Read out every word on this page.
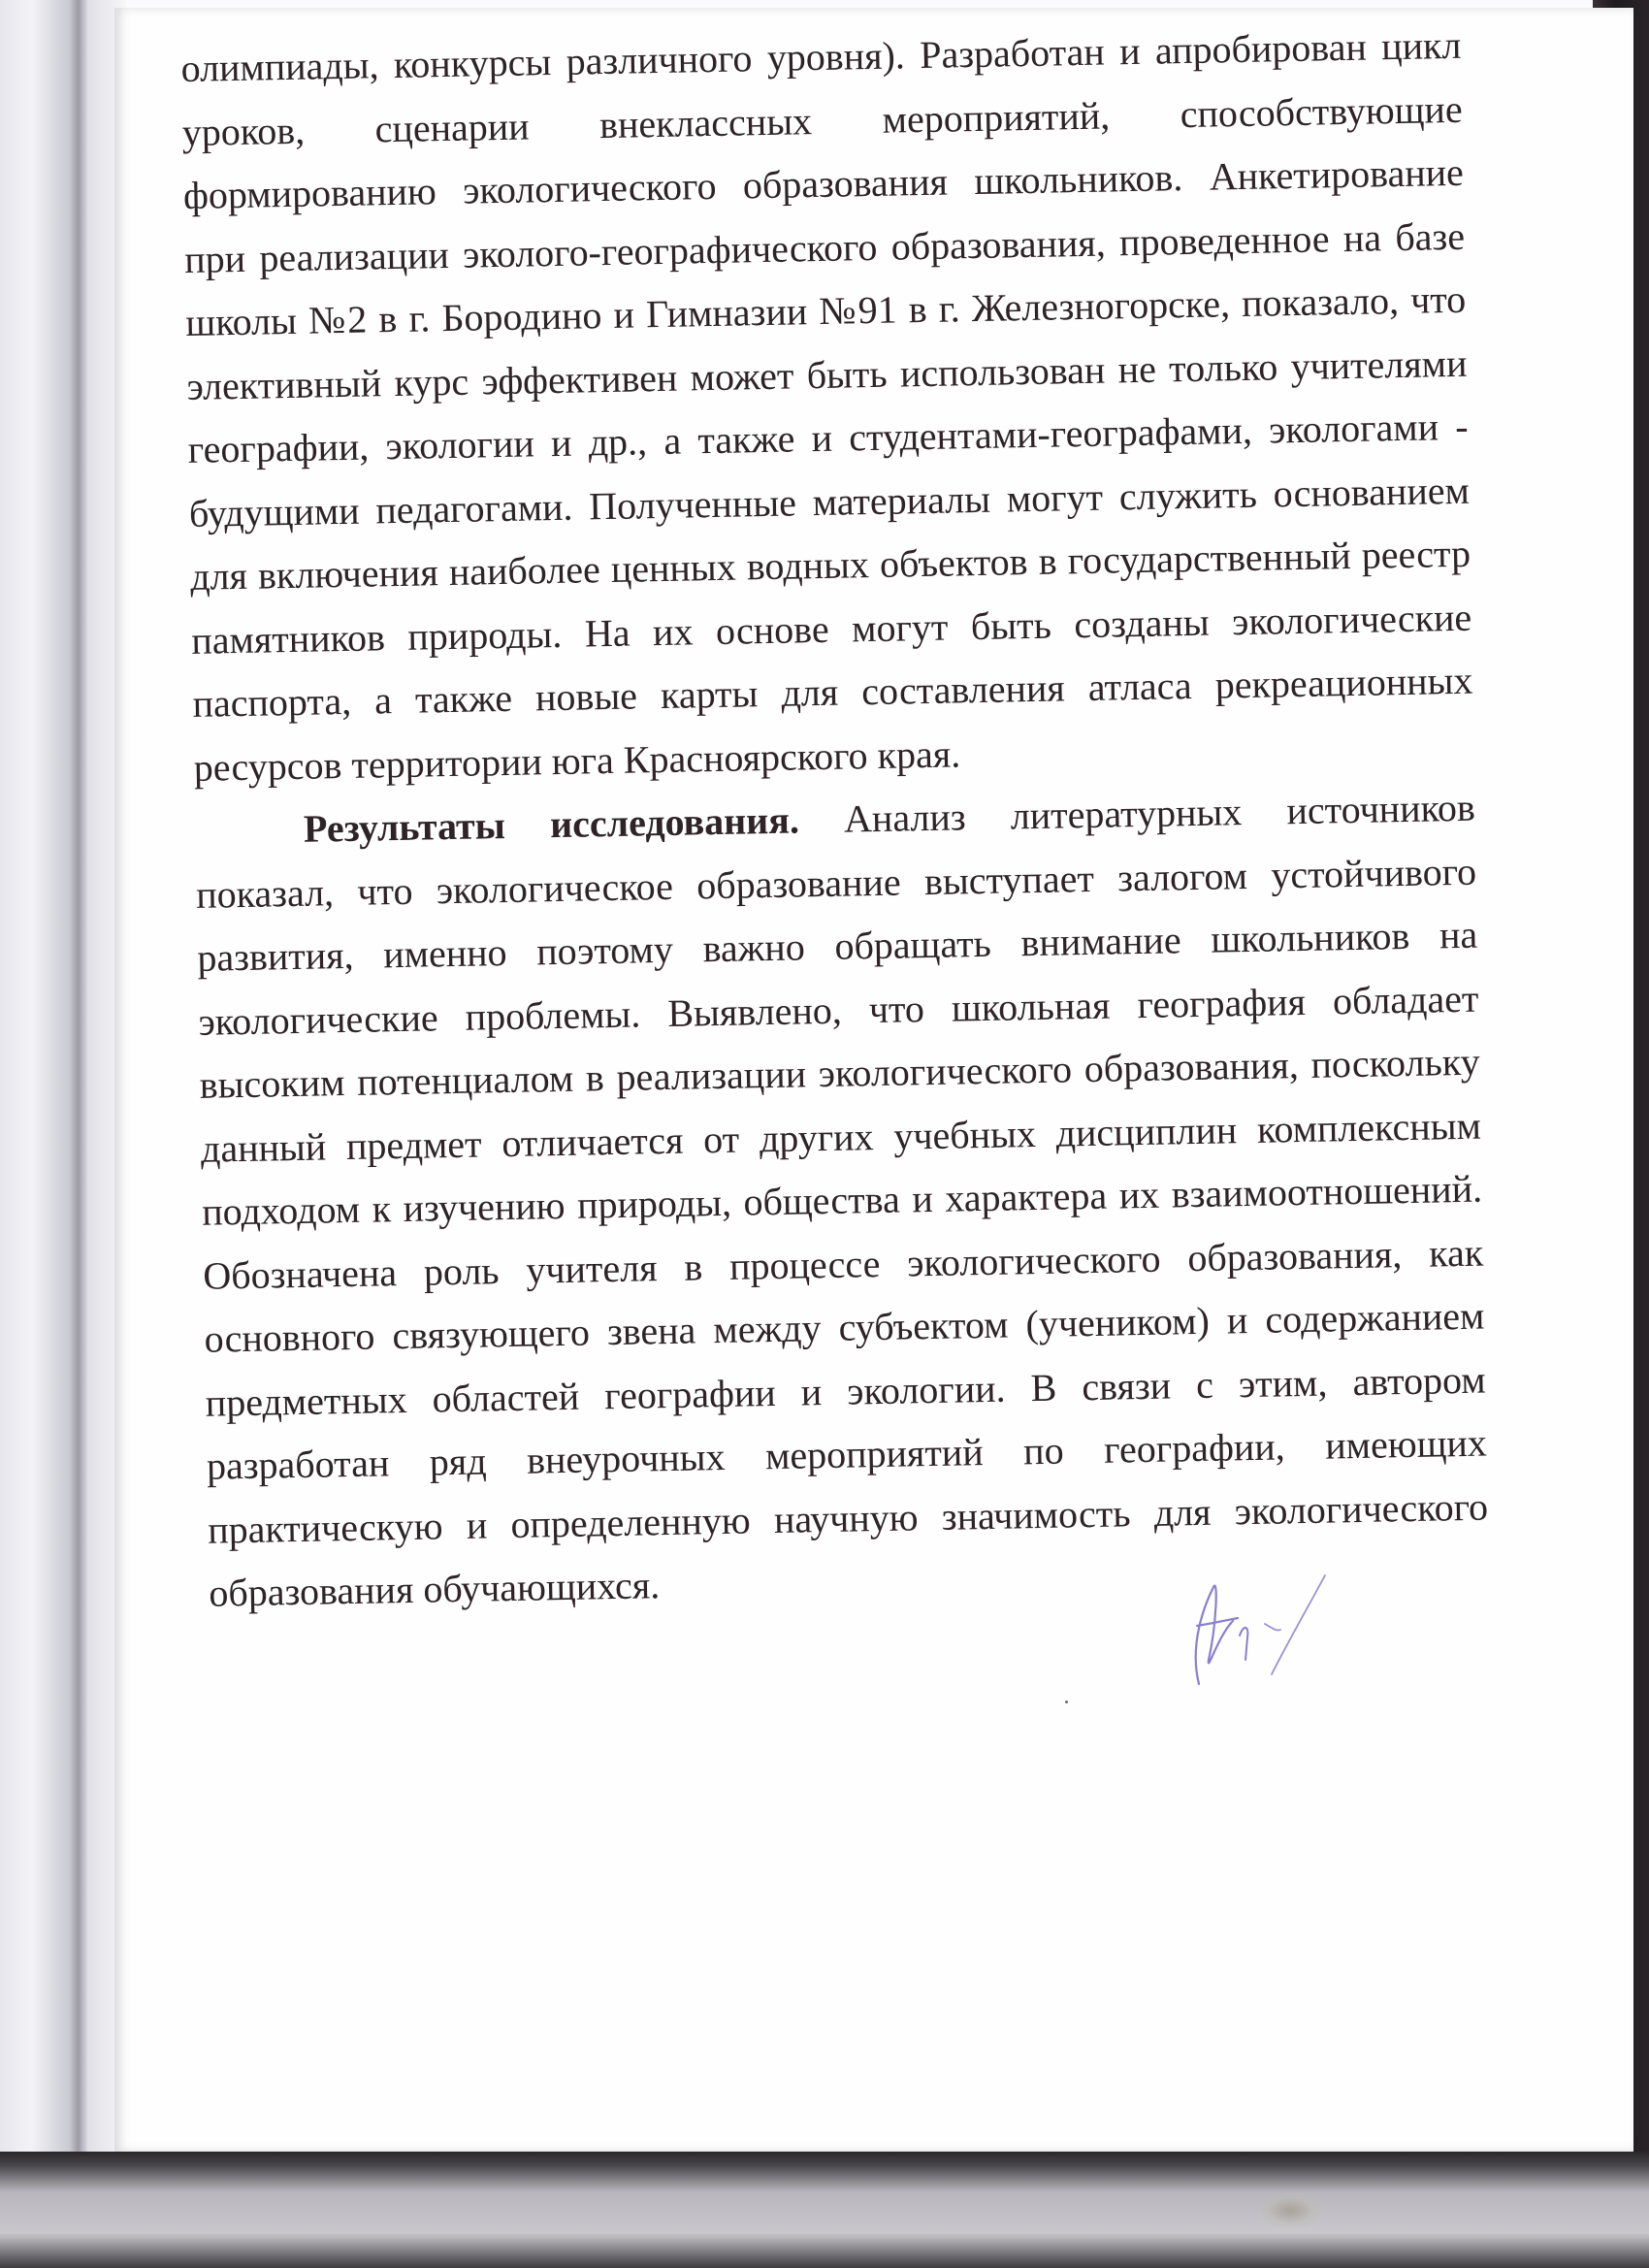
олимпиады, конкурсы различного уровня). Разработан и апробирован цикл уроков, сценарии внеклассных мероприятий, способствующие формированию экологического образования школьников. Анкетирование при реализации эколого-географического образования, проведенное на базе школы №2 в г. Бородино и Гимназии №91 в г. Железногорске, показало, что элективный курс эффективен может быть использован не только учителями географии, экологии и др., а также и студентами-географами, экологами - будущими педагогами. Полученные материалы могут служить основанием для включения наиболее ценных водных объектов в государственный реестр памятников природы. На их основе могут быть созданы экологические паспорта, а также новые карты для составления атласа рекреационных ресурсов территории юга Красноярского края.

Результаты исследования. Анализ литературных источников показал, что экологическое образование выступает залогом устойчивого развития, именно поэтому важно обращать внимание школьников на экологические проблемы. Выявлено, что школьная география обладает высоким потенциалом в реализации экологического образования, поскольку данный предмет отличается от других учебных дисциплин комплексным подходом к изучению природы, общества и характера их взаимоотношений. Обозначена роль учителя в процессе экологического образования, как основного связующего звена между субъектом (учеником) и содержанием предметных областей географии и экологии. В связи с этим, автором разработан ряд внеурочных мероприятий по географии, имеющих практическую и определенную научную значимость для экологического образования обучающихся.
